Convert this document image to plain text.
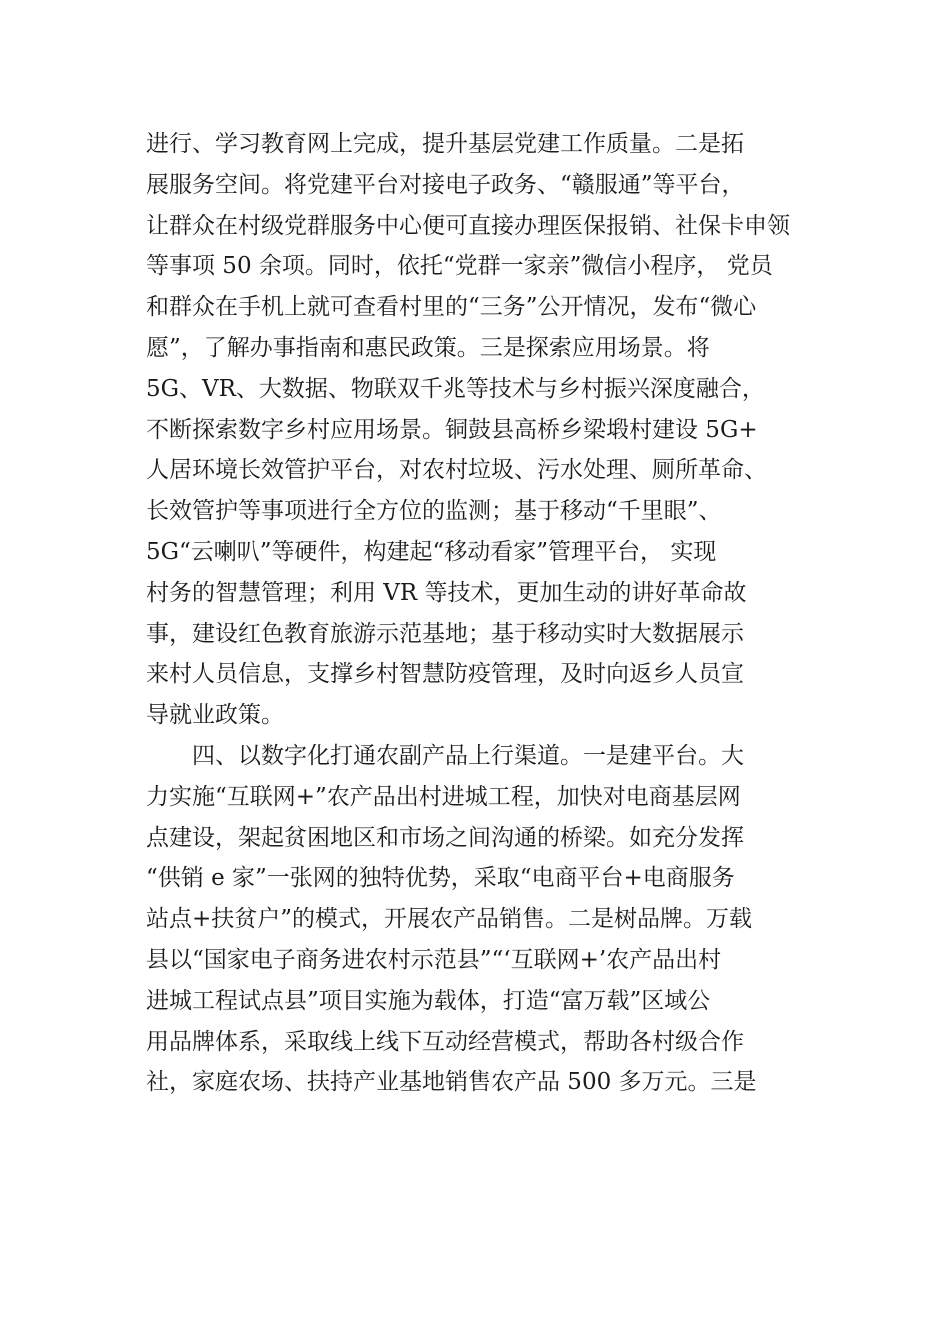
进行、学习教育网上完成，提升基层党建工作质量。二是拓
展服务空间。将党建平台对接电子政务、“赣服通”等平台，
让群众在村级党群服务中心便可直接办理医保报销、社保卡申领
等事项 50 余项。同时，依托“党群一家亲”微信小程序， 党员
和群众在手机上就可查看村里的“三务”公开情况，发布“微心
愿”，了解办事指南和惠民政策。三是探索应用场景。将
5G、VR、大数据、物联双千兆等技术与乡村振兴深度融合，
不断探索数字乡村应用场景。铜鼓县高桥乡梁塅村建设 5G+
人居环境长效管护平台，对农村垃圾、污水处理、厕所革命、
长效管护等事项进行全方位的监测；基于移动“千里眼”、
5G“云喇叭”等硬件，构建起“移动看家”管理平台， 实现
村务的智慧管理；利用 VR 等技术，更加生动的讲好革命故
事，建设红色教育旅游示范基地；基于移动实时大数据展示
来村人员信息，支撑乡村智慧防疫管理，及时向返乡人员宣
导就业政策。
四、以数字化打通农副产品上行渠道。一是建平台。大
力实施“互联网+”农产品出村进城工程，加快对电商基层网
点建设，架起贫困地区和市场之间沟通的桥梁。如充分发挥
“供销 e 家”一张网的独特优势，采取“电商平台+电商服务
站点+扶贫户”的模式，开展农产品销售。二是树品牌。万载
县以“国家电子商务进农村示范县”“‘互联网+’农产品出村
进城工程试点县”项目实施为载体，打造“富万载”区域公
用品牌体系，采取线上线下互动经营模式，帮助各村级合作
社，家庭农场、扶持产业基地销售农产品 500 多万元。三是
